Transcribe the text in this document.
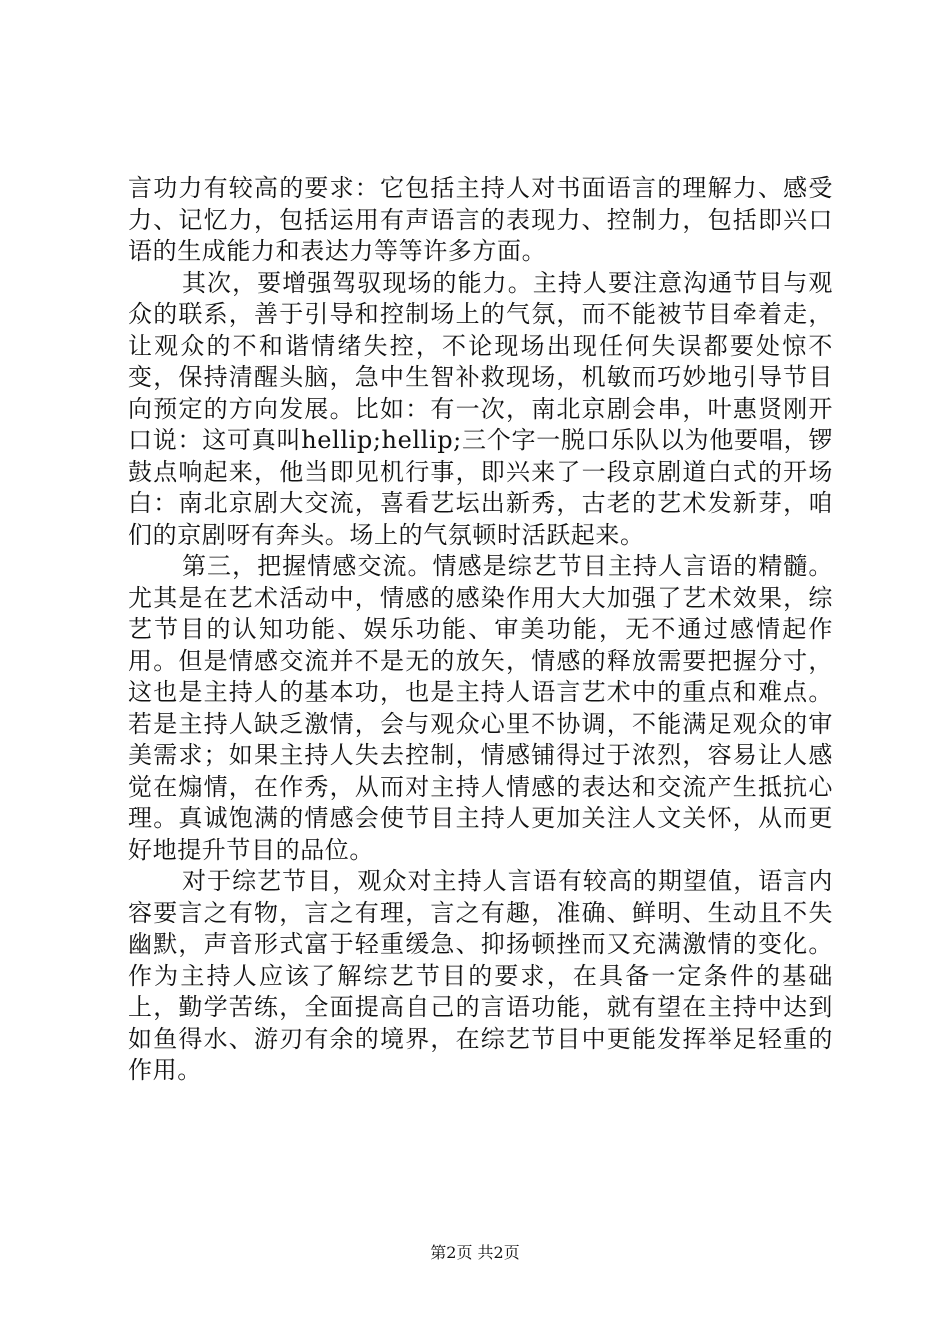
言功力有较高的要求：它包括主持人对书面语言的理解力、感受力、记忆力，包括运用有声语言的表现力、控制力，包括即兴口语的生成能力和表达力等等许多方面。

其次，要增强驾驭现场的能力。主持人要注意沟通节目与观众的联系，善于引导和控制场上的气氛，而不能被节目牵着走，让观众的不和谐情绪失控，不论现场出现任何失误都要处惊不变，保持清醒头脑，急中生智补救现场，机敏而巧妙地引导节目向预定的方向发展。比如：有一次，南北京剧会串，叶惠贤刚开口说：这可真叫hellip;hellip;三个字一脱口乐队以为他要唱，锣鼓点响起来，他当即见机行事，即兴来了一段京剧道白式的开场白：南北京剧大交流，喜看艺坛出新秀，古老的艺术发新芽，咱们的京剧呀有奔头。场上的气氛顿时活跃起来。

第三，把握情感交流。情感是综艺节目主持人言语的精髓。尤其是在艺术活动中，情感的感染作用大大加强了艺术效果，综艺节目的认知功能、娱乐功能、审美功能，无不通过感情起作用。但是情感交流并不是无的放矢，情感的释放需要把握分寸，这也是主持人的基本功，也是主持人语言艺术中的重点和难点。若是主持人缺乏激情，会与观众心里不协调，不能满足观众的审美需求；如果主持人失去控制，情感铺得过于浓烈，容易让人感觉在煽情，在作秀，从而对主持人情感的表达和交流产生抵抗心理。真诚饱满的情感会使节目主持人更加关注人文关怀，从而更好地提升节目的品位。

对于综艺节目，观众对主持人言语有较高的期望值，语言内容要言之有物，言之有理，言之有趣，准确、鲜明、生动且不失幽默，声音形式富于轻重缓急、抑扬顿挫而又充满激情的变化。作为主持人应该了解综艺节目的要求，在具备一定条件的基础上，勤学苦练，全面提高自己的言语功能，就有望在主持中达到如鱼得水、游刃有余的境界，在综艺节目中更能发挥举足轻重的作用。

第2页 共2页
